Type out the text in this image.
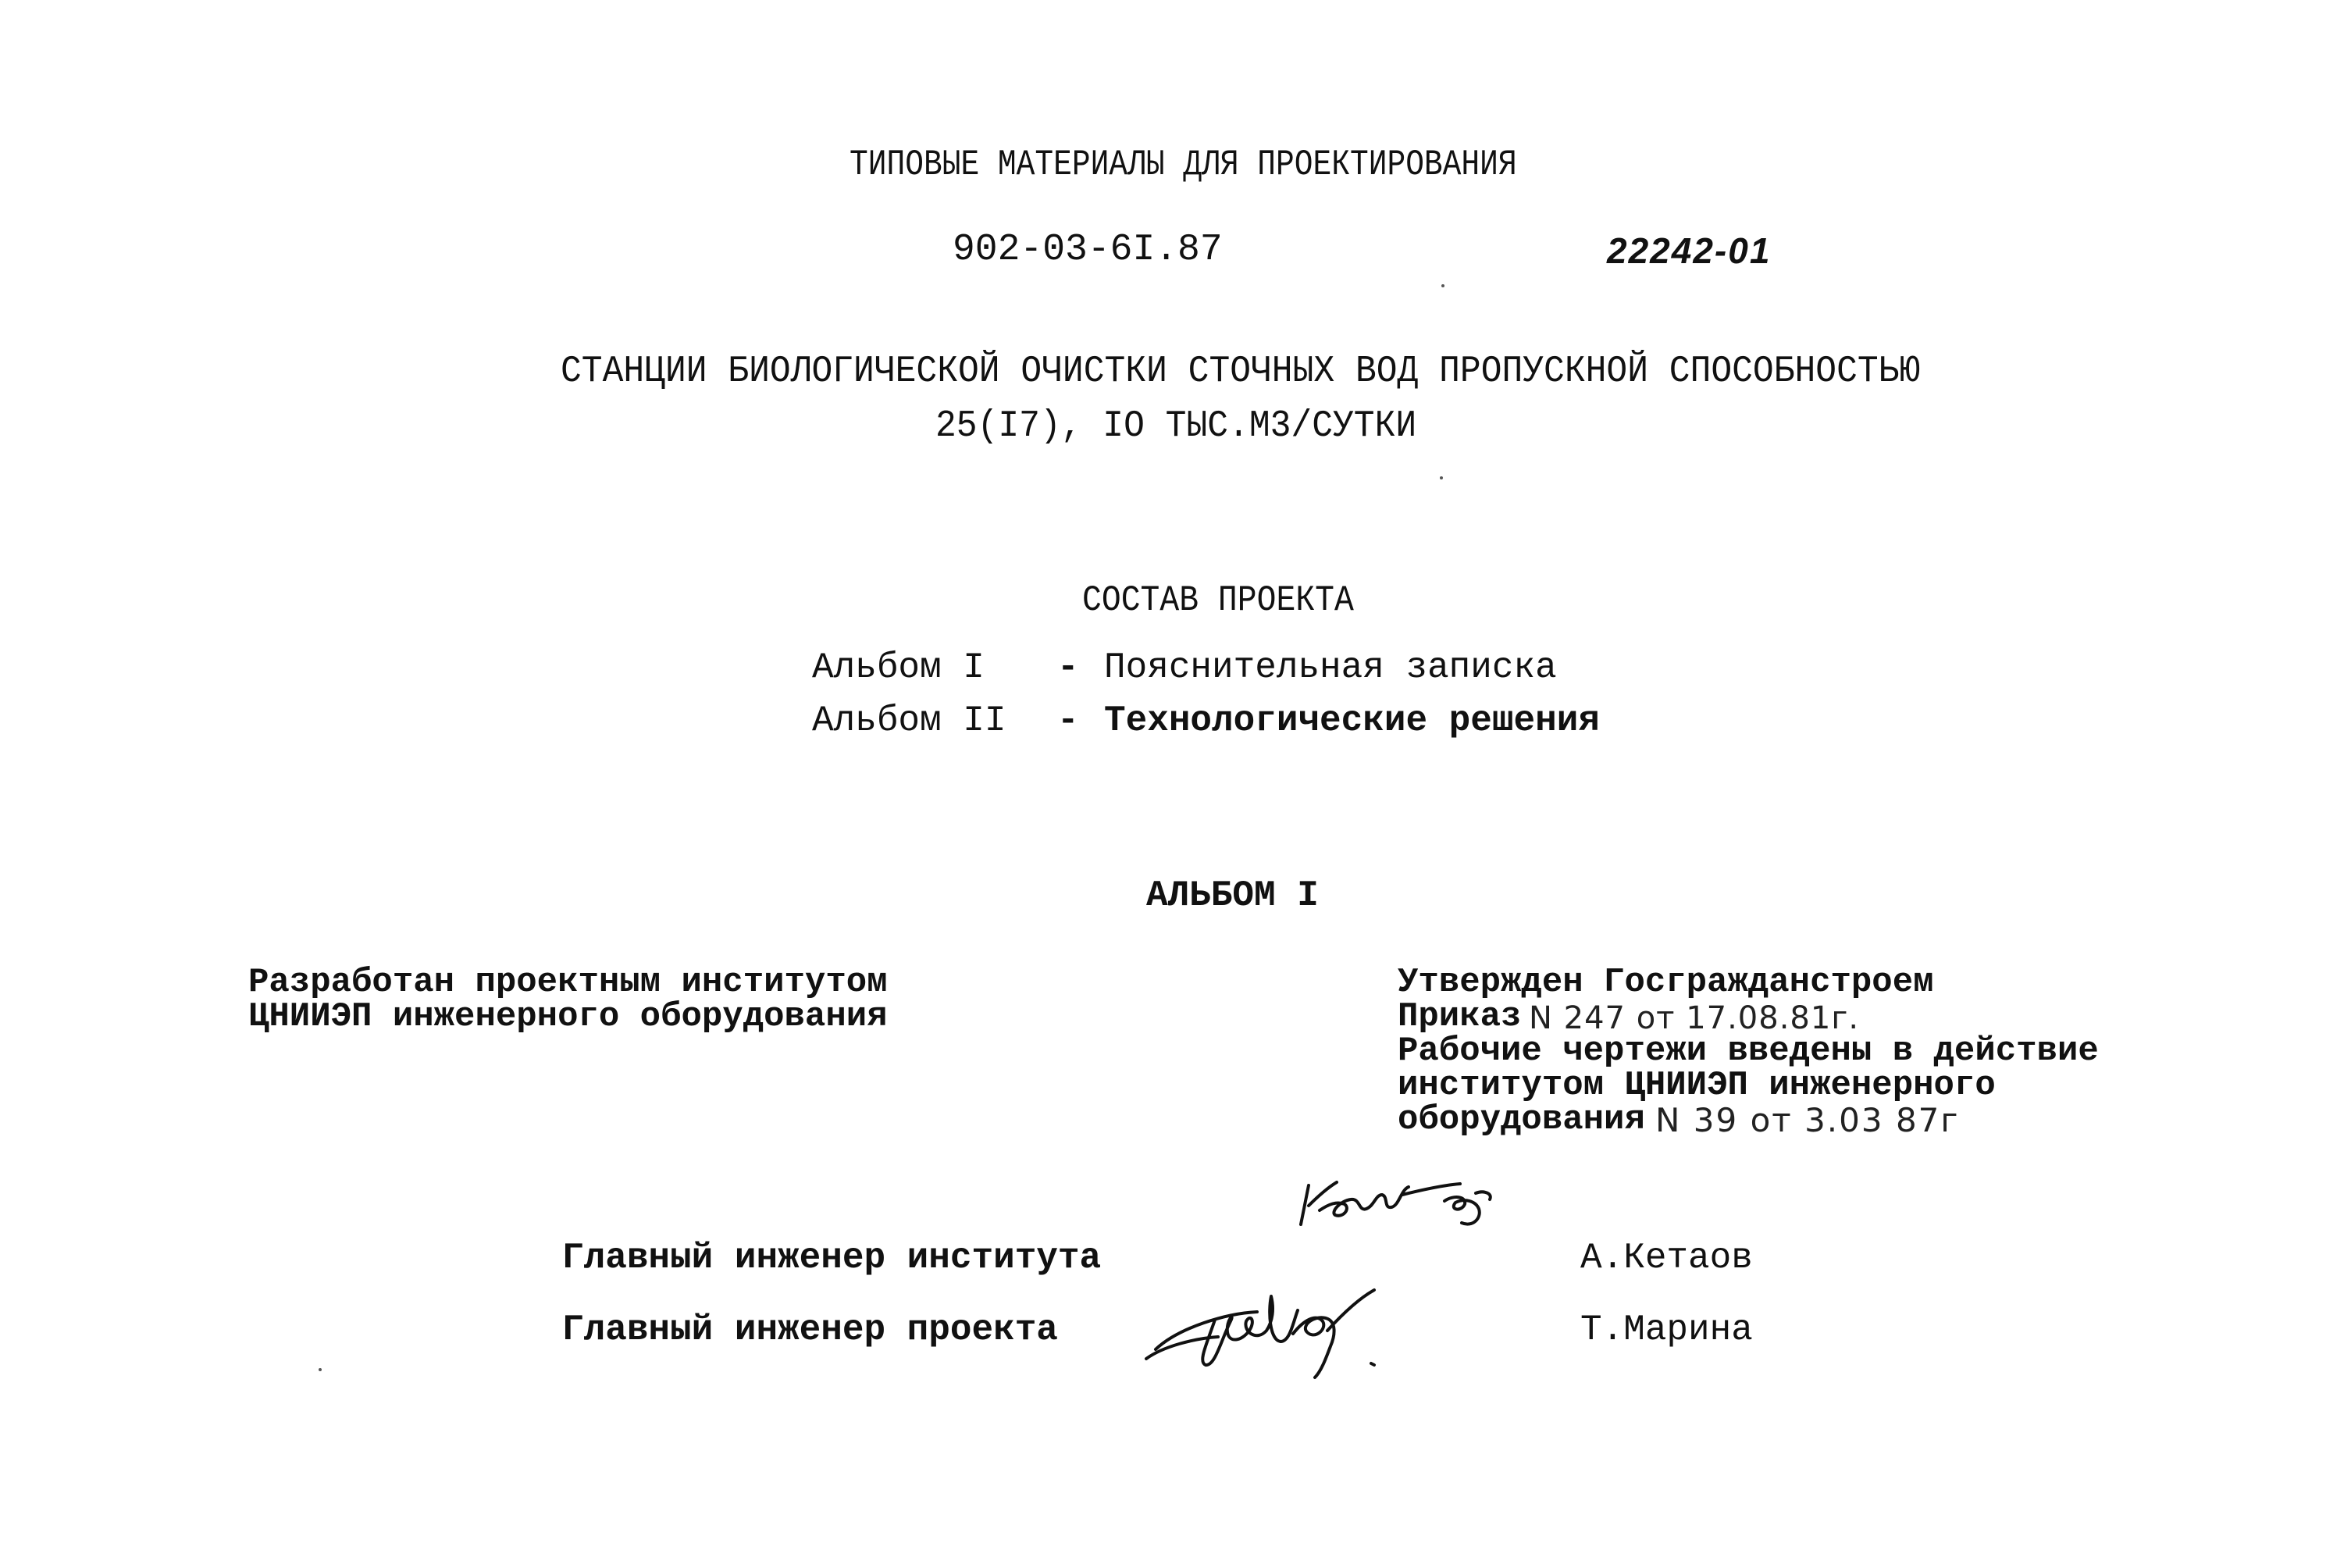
ТИПОВЫЕ МАТЕРИАЛЫ ДЛЯ ПРОЕКТИРОВАНИЯ
902-03-6I.87	22242-01
СТАНЦИИ БИОЛОГИЧЕСКОЙ ОЧИСТКИ СТОЧНЫХ ВОД ПРОПУСКНОЙ СПОСОБНОСТЬЮ
25(I7), IO ТЫС.М3/СУТКИ
СОСТАВ ПРОЕКТА
Альбом I - Пояснительная записка
Альбом II - Технологические решения
АЛЬБОМ I
Разработан проектным институтом
ЦНИИЭП инженерного оборудования
Утвержден Госгражданстроем
Приказ N 247 от 17.08.81г.
Рабочие чертежи введены в действие
институтом ЦНИИЭП инженерного
оборудования N 39 от 3.03 87г
Главный инженер института	А.Кетаов
Главный инженер проекта	Т.Марина
